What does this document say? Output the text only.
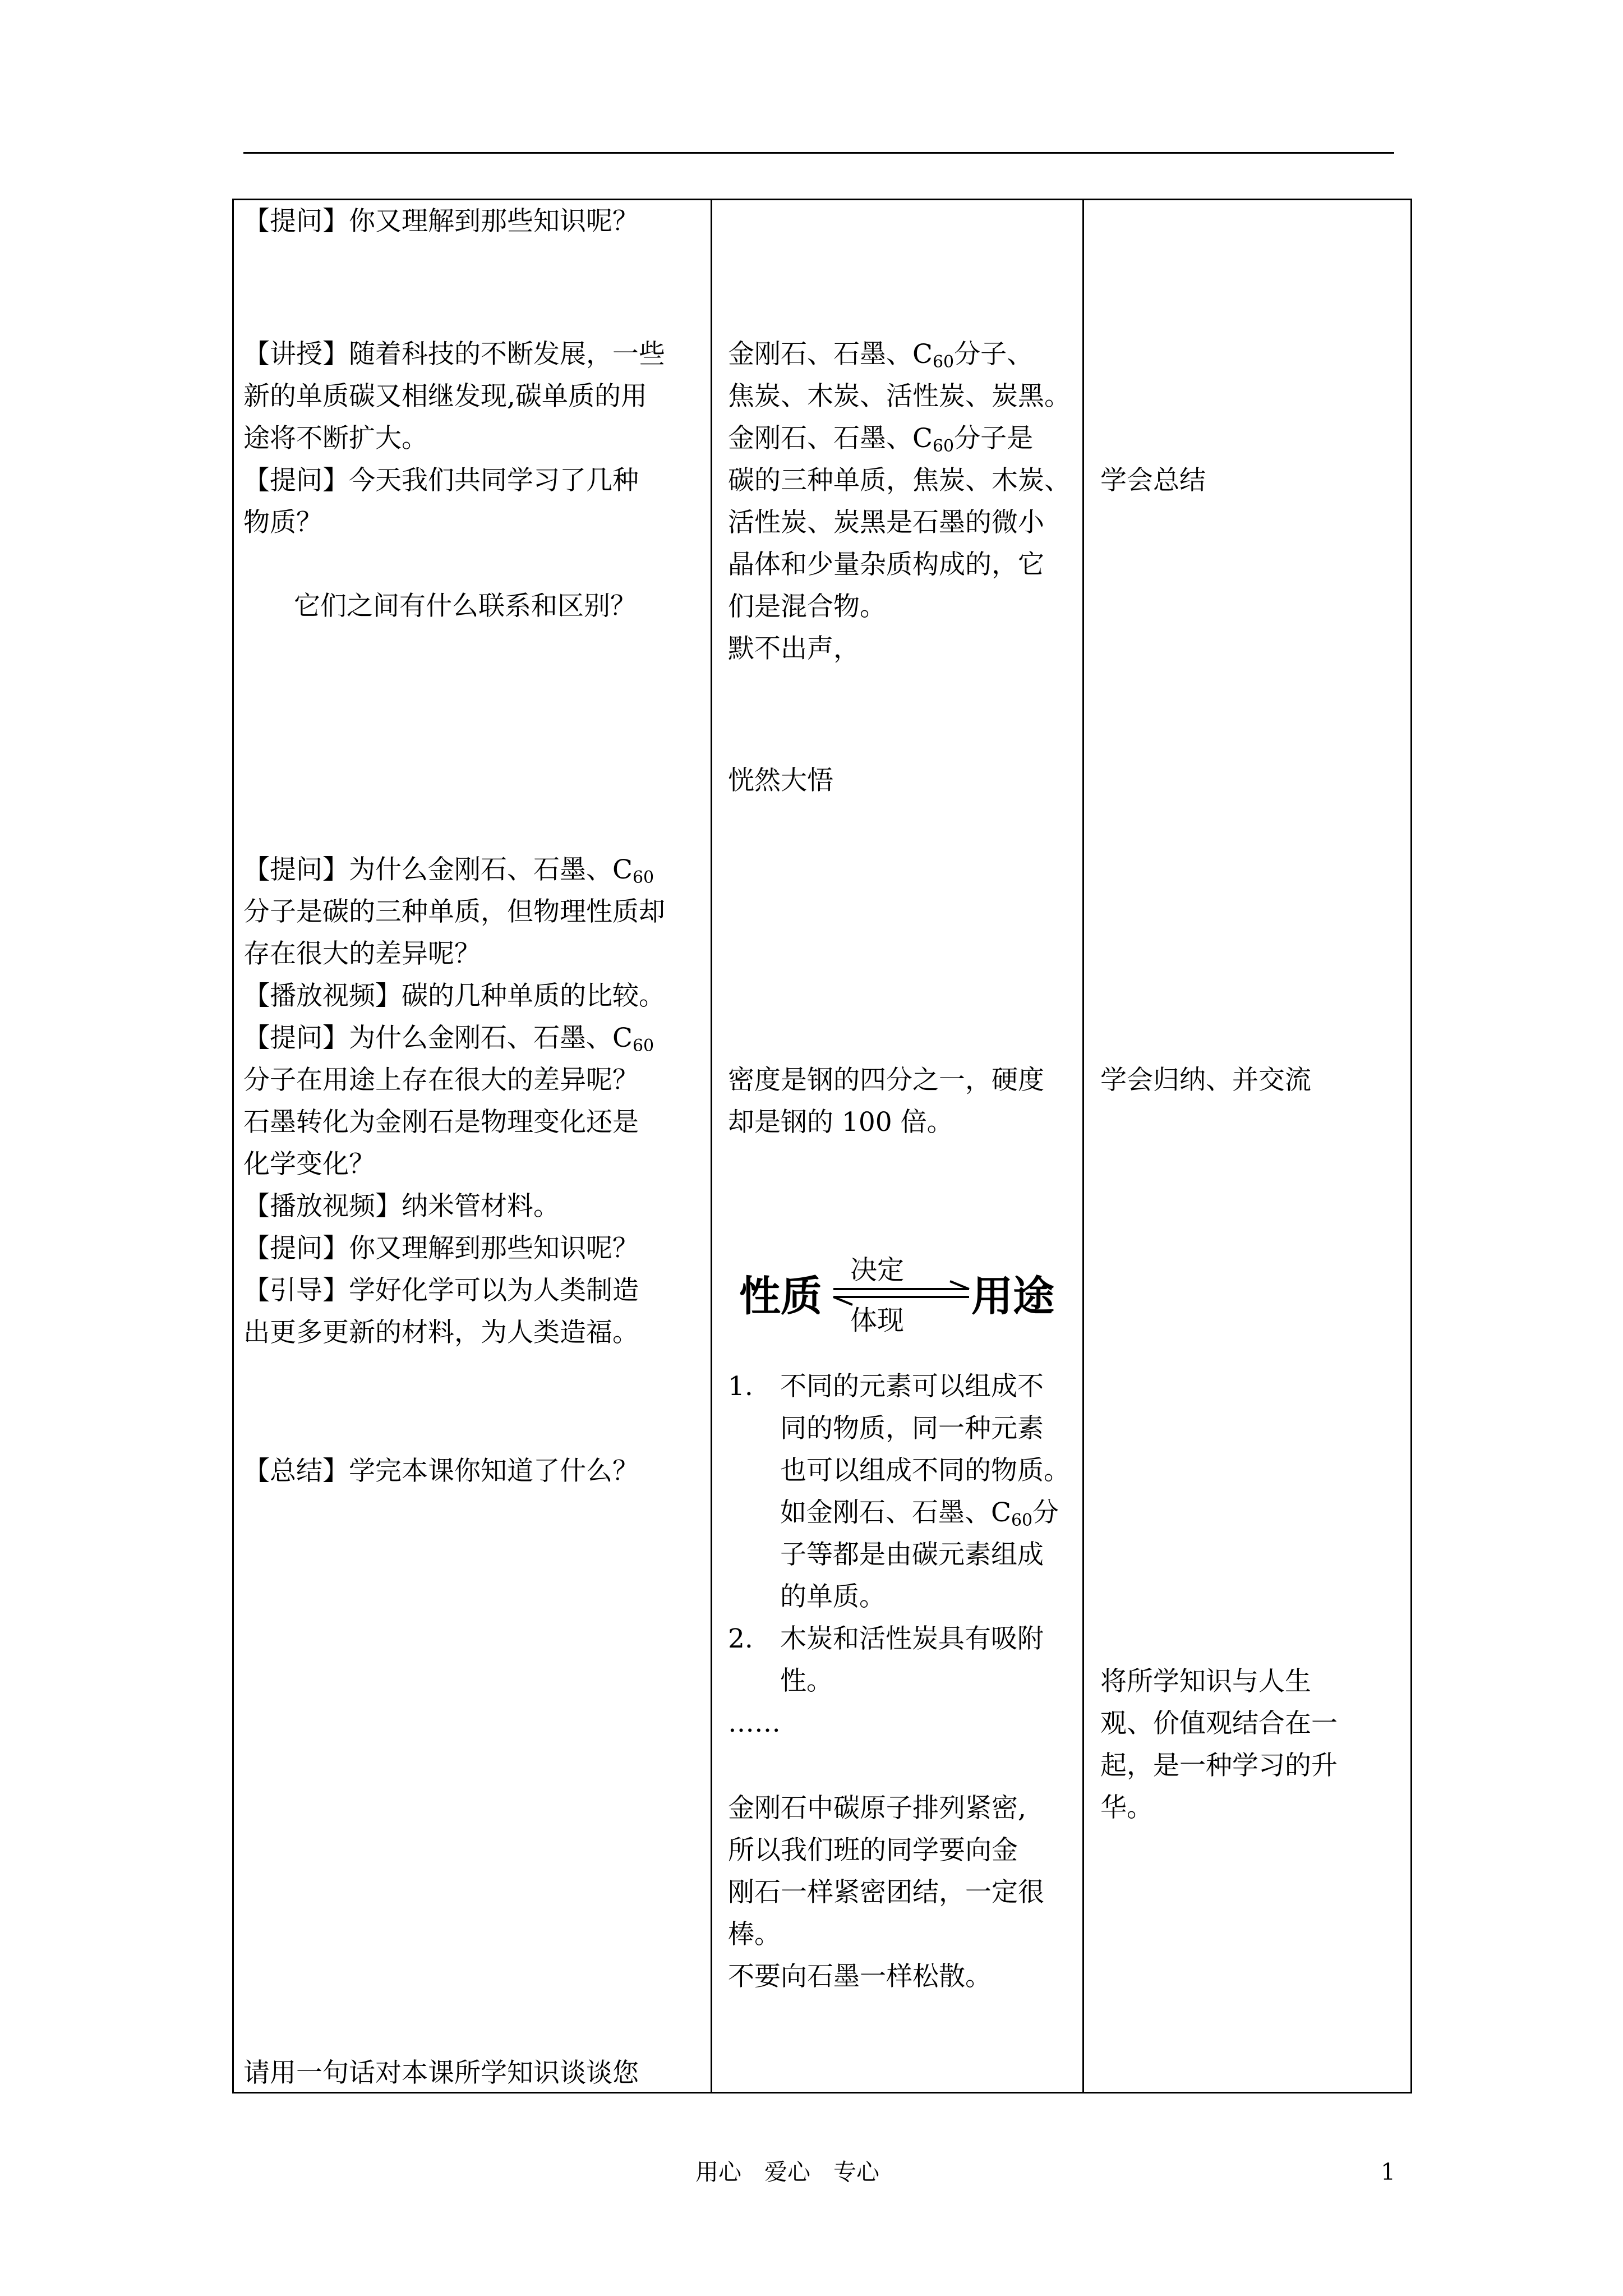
【提问】你又理解到那些知识呢？
【讲授】随着科技的不断发展，一些
新的单质碳又相继发现,碳单质的用
途将不断扩大。
【提问】今天我们共同学习了几种
物质？
它们之间有什么联系和区别？
【提问】为什么金刚石、石墨、$C_{60}$
分子是碳的三种单质，但物理性质却
存在很大的差异呢？
【播放视频】碳的几种单质的比较。
【提问】为什么金刚石、石墨、$C_{60}$
分子在用途上存在很大的差异呢？
石墨转化为金刚石是物理变化还是
化学变化？
【播放视频】纳米管材料。
【提问】你又理解到那些知识呢？
【引导】学好化学可以为人类制造
出更多更新的材料，为人类造福。
【总结】学完本课你知道了什么？
请用一句话对本课所学知识谈谈您
金刚石、石墨、$C_{60}$分子、
焦炭、木炭、活性炭、炭黑。
金刚石、石墨、$C_{60}$分子是
碳的三种单质，焦炭、木炭、
活性炭、炭黑是石墨的微小
晶体和少量杂质构成的，它
们是混合物。
默不出声，
恍然大悟
密度是钢的四分之一，硬度
却是钢的 100 倍。
性质
决定
体现 用途
1. 不同的元素可以组成不
同的物质，同一种元素
也可以组成不同的物质。
如金刚石、石墨、$C_{60}$分
子等都是由碳元素组成
的单质。
2. 木炭和活性炭具有吸附
性。
……
金刚石中碳原子排列紧密,
所以我们班的同学要向金
刚石一样紧密团结，一定很
棒。
不要向石墨一样松散。
学会总结
学会归纳、并交流
将所学知识与人生
观、价值观结合在一
起，是一种学习的升
华。
用心　爱心　专心	1
